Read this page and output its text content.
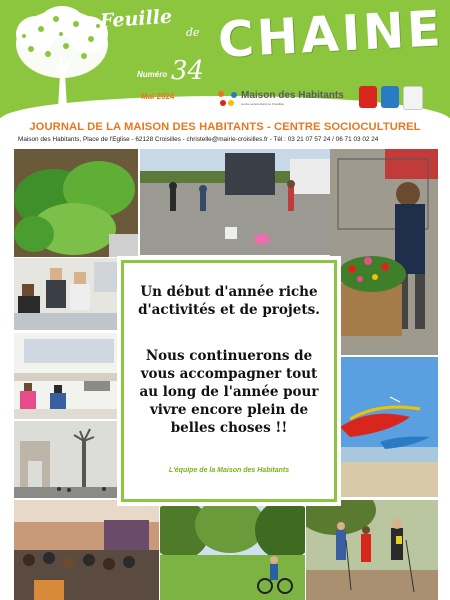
Feuille
de CHAINE
Numéro 34
Mai 2024	Maison des Habitants
centre socioculturel de Croisilles
JOURNAL DE LA MAISON DES HABITANTS - CENTRE SOCIOCULTUREL
Maison des Habitants, Place de l'Eglise - 62128 Croisilles - christelle@mairie-croisilles.fr - Tél : 03 21 07 57 24 / 06 71 03 02 24
Un début d'année riche
d'activités et de projets.
Nous continuerons de
vous accompagner tout
au long de l'année pour
vivre encore plein de
belles choses !!
L'équipe de la Maison des Habitants
